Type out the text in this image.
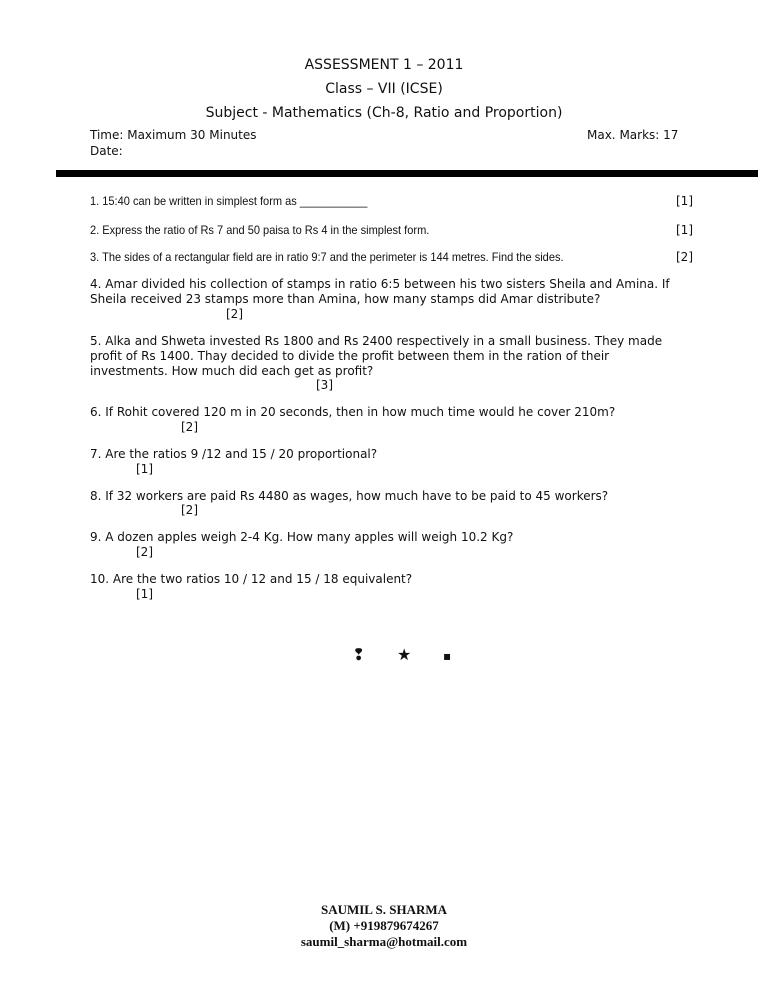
ASSESSMENT 1 – 2011
Class – VII (ICSE)
Subject - Mathematics (Ch-8, Ratio and Proportion)
Time: Maximum 30 Minutes	Max. Marks: 17
Date:
1. 15:40 can be written in simplest form as ___________	[1]
2. Express the ratio of Rs 7 and 50 paisa to Rs 4 in the simplest form.	[1]
3. The sides of a rectangular field are in ratio 9:7 and the perimeter is 144 metres. Find the sides.	[2]
4. Amar divided his collection of stamps in ratio 6:5 between his two sisters Sheila and Amina. If
Sheila received 23 stamps more than Amina, how many stamps did Amar distribute?
[2]
5. Alka and Shweta invested Rs 1800 and Rs 2400 respectively in a small business. They made
profit of Rs 1400. Thay decided to divide the profit between them in the ration of their
investments. How much did each get as profit?
[3]
6. If Rohit covered 120 m in 20 seconds, then in how much time would he cover 210m?
[2]
7. Are the ratios 9 /12 and 15 / 20 proportional?
[1]
8. If 32 workers are paid Rs 4480 as wages, how much have to be paid to 45 workers?
[2]
9. A dozen apples weigh 2-4 Kg. How many apples will weigh 10.2 Kg?
[2]
10. Are the two ratios 10 / 12 and 15 / 18 equivalent?
[1]
❢ ★	▪
SAUMIL S. SHARMA
(M) +919879674267
saumil_sharma@hotmail.com
